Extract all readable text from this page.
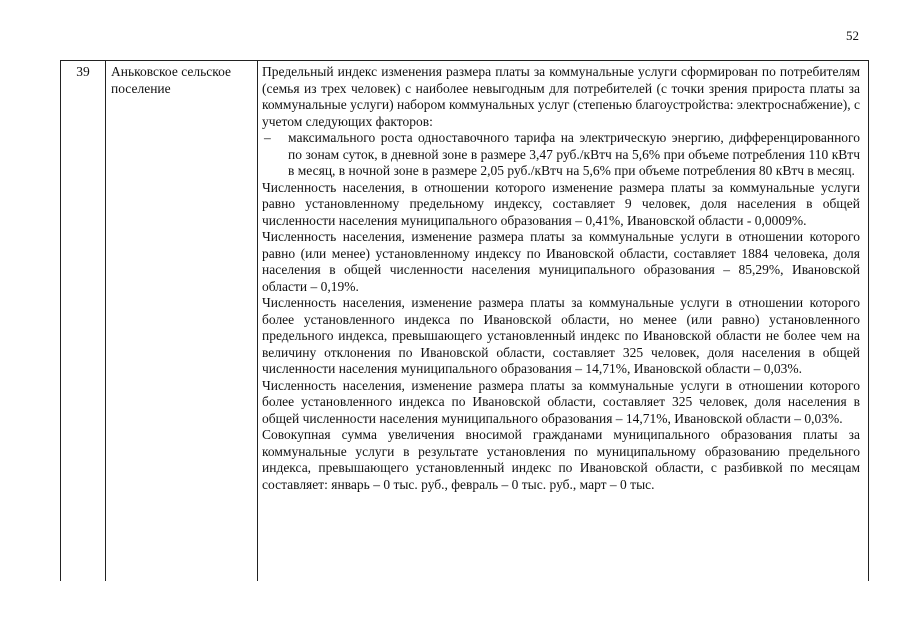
52
39	Аньковское сельское поселение

Предельный индекс изменения размера платы за коммунальные услуги сформирован по потребителям (семья из трех человек) с наиболее невыгодным для потребителей (с точки зрения прироста платы за коммунальные услуги) набором коммунальных услуг (степенью благоустройства: электроснабжение), с учетом следующих факторов:

– максимального роста одноставочного тарифа на электрическую энергию, дифференцированного по зонам суток, в дневной зоне в размере 3,47 руб./кВтч на 5,6% при объеме потребления 110 кВтч в месяц, в ночной зоне в размере 2,05 руб./кВтч на 5,6% при объеме потребления 80 кВтч в месяц.

Численность населения, в отношении которого изменение размера платы за коммунальные услуги равно установленному предельному индексу, составляет 9 человек, доля населения в общей численности населения муниципального образования – 0,41%, Ивановской области - 0,0009%.

Численность населения, изменение размера платы за коммунальные услуги в отношении которого равно (или менее) установленному индексу по Ивановской области, составляет 1884 человека, доля населения в общей численности населения муниципального образования – 85,29%, Ивановской области – 0,19%.

Численность населения, изменение размера платы за коммунальные услуги в отношении которого более установленного индекса по Ивановской области, но менее (или равно) установленного предельного индекса, превышающего установленный индекс по Ивановской области не более чем на величину отклонения по Ивановской области, составляет 325 человек, доля населения в общей численности населения муниципального образования – 14,71%, Ивановской области – 0,03%.

Численность населения, изменение размера платы за коммунальные услуги в отношении которого более установленного индекса по Ивановской области, составляет 325 человек, доля населения в общей численности населения муниципального образования – 14,71%, Ивановской области – 0,03%.

Совокупная сумма увеличения вносимой гражданами муниципального образования платы за коммунальные услуги в результате установления по муниципальному образованию предельного индекса, превышающего установленный индекс по Ивановской области, с разбивкой по месяцам составляет: январь – 0 тыс. руб., февраль – 0 тыс. руб., март – 0 тыс.
